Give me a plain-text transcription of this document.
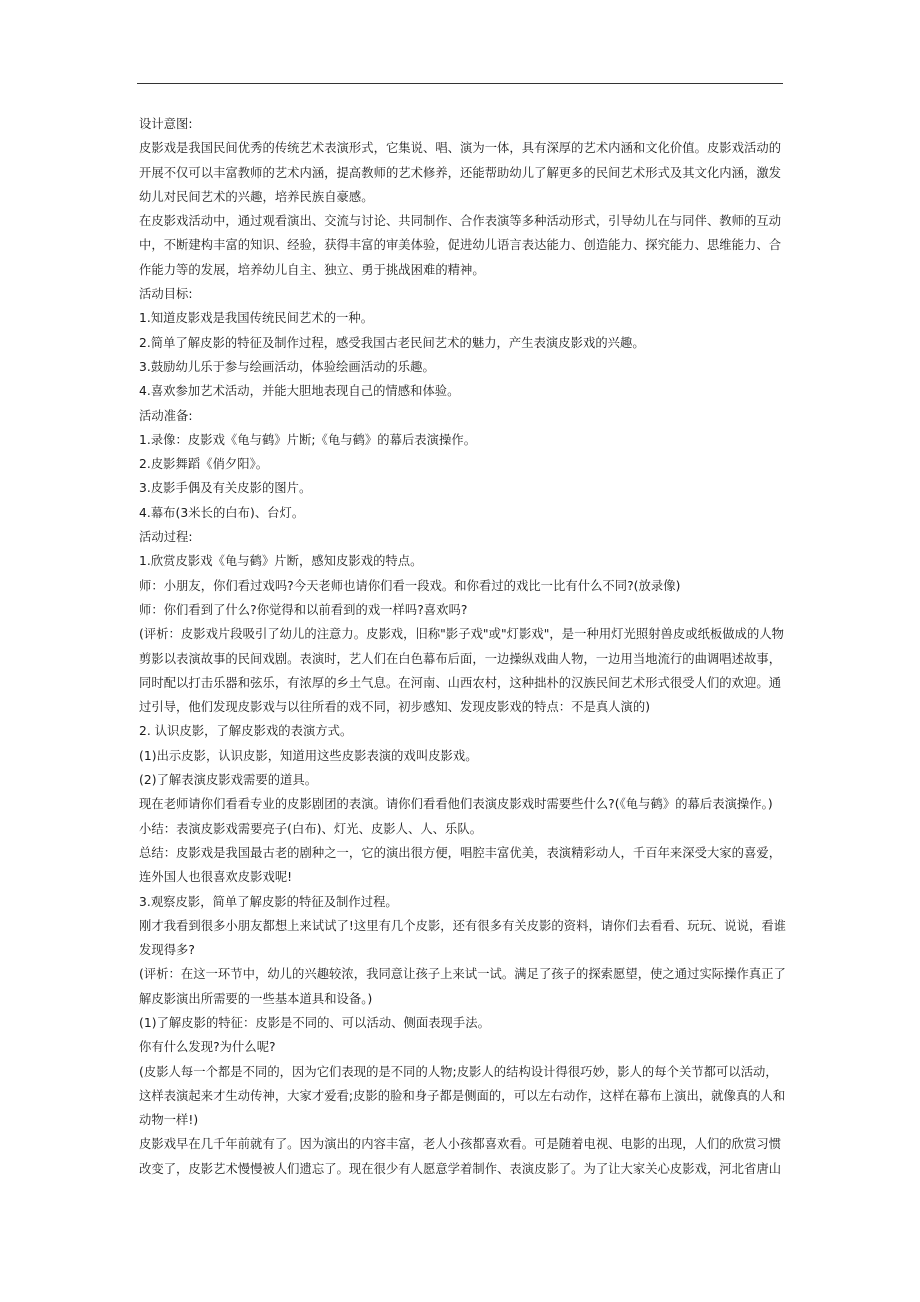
设计意图:
皮影戏是我国民间优秀的传统艺术表演形式，它集说、唱、演为一体，具有深厚的艺术内涵和文化价值。皮影戏活动的
开展不仅可以丰富教师的艺术内涵，提高教师的艺术修养，还能帮助幼儿了解更多的民间艺术形式及其文化内涵，激发
幼儿对民间艺术的兴趣，培养民族自豪感。
在皮影戏活动中，通过观看演出、交流与讨论、共同制作、合作表演等多种活动形式，引导幼儿在与同伴、教师的互动
中，不断建构丰富的知识、经验，获得丰富的审美体验，促进幼儿语言表达能力、创造能力、探究能力、思维能力、合
作能力等的发展，培养幼儿自主、独立、勇于挑战困难的精神。
活动目标:
1.知道皮影戏是我国传统民间艺术的一种。
2.简单了解皮影的特征及制作过程，感受我国古老民间艺术的魅力，产生表演皮影戏的兴趣。
3.鼓励幼儿乐于参与绘画活动，体验绘画活动的乐趣。
4.喜欢参加艺术活动，并能大胆地表现自己的情感和体验。
活动准备:
1.录像：皮影戏《龟与鹤》片断;《龟与鹤》的幕后表演操作。
2.皮影舞蹈《俏夕阳》。
3.皮影手偶及有关皮影的图片。
4.幕布(3米长的白布)、台灯。
活动过程:
1.欣赏皮影戏《龟与鹤》片断，感知皮影戏的特点。
师：小朋友，你们看过戏吗?今天老师也请你们看一段戏。和你看过的戏比一比有什么不同?(放录像)
师：你们看到了什么?你觉得和以前看到的戏一样吗?喜欢吗?
(评析：皮影戏片段吸引了幼儿的注意力。皮影戏，旧称"影子戏"或"灯影戏"，是一种用灯光照射兽皮或纸板做成的人物
剪影以表演故事的民间戏剧。表演时，艺人们在白色幕布后面，一边操纵戏曲人物，一边用当地流行的曲调唱述故事，
同时配以打击乐器和弦乐，有浓厚的乡土气息。在河南、山西农村，这种拙朴的汉族民间艺术形式很受人们的欢迎。通
过引导，他们发现皮影戏与以往所看的戏不同，初步感知、发现皮影戏的特点：不是真人演的)
2. 认识皮影，了解皮影戏的表演方式。
(1)出示皮影，认识皮影，知道用这些皮影表演的戏叫皮影戏。
(2)了解表演皮影戏需要的道具。
现在老师请你们看看专业的皮影剧团的表演。请你们看看他们表演皮影戏时需要些什么?(《龟与鹤》的幕后表演操作。)
小结：表演皮影戏需要亮子(白布)、灯光、皮影人、人、乐队。
总结：皮影戏是我国最古老的剧种之一，它的演出很方便，唱腔丰富优美，表演精彩动人，千百年来深受大家的喜爱，
连外国人也很喜欢皮影戏呢!
3.观察皮影，简单了解皮影的特征及制作过程。
刚才我看到很多小朋友都想上来试试了!这里有几个皮影，还有很多有关皮影的资料，请你们去看看、玩玩、说说，看谁
发现得多?
(评析：在这一环节中，幼儿的兴趣较浓，我同意让孩子上来试一试。满足了孩子的探索愿望，使之通过实际操作真正了
解皮影演出所需要的一些基本道具和设备。)
(1)了解皮影的特征：皮影是不同的、可以活动、侧面表现手法。
你有什么发现?为什么呢?
(皮影人每一个都是不同的，因为它们表现的是不同的人物;皮影人的结构设计得很巧妙，影人的每个关节都可以活动，
这样表演起来才生动传神，大家才爱看;皮影的脸和身子都是侧面的，可以左右动作，这样在幕布上演出，就像真的人和
动物一样!)
皮影戏早在几千年前就有了。因为演出的内容丰富，老人小孩都喜欢看。可是随着电视、电影的出现，人们的欣赏习惯
改变了，皮影艺术慢慢被人们遗忘了。现在很少有人愿意学着制作、表演皮影了。为了让大家关心皮影戏，河北省唐山
